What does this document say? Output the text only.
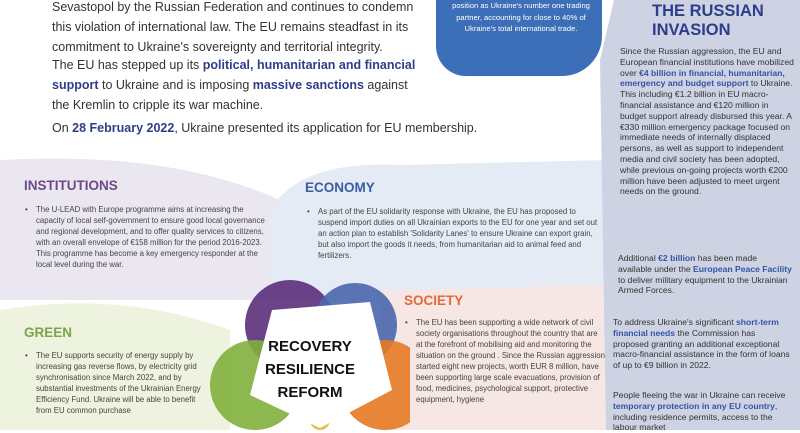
Sevastopol by the Russian Federation and continues to condemn
this violation of international law. The EU remains steadfast in its
commitment to Ukraine's sovereignty and territorial integrity.
The EU has stepped up its political, humanitarian and financial support to Ukraine and is imposing massive sanctions against the Kremlin to cripple its war machine.
On 28 February 2022, Ukraine presented its application for EU membership.
position as Ukraine's number one trading partner, accounting for close to 40% of Ukraine's total international trade.
THE RUSSIAN INVASION
Since the Russian aggression, the EU and European financial institutions have mobilized over €4 billion in financial, humanitarian, emergency and budget support to Ukraine. This including €1.2 billion in EU macro-financial assistance and €120 million in budget support already disbursed this year. A €330 million emergency package focused on immediate needs of internally displaced persons, as well as support to independent media and civil society has been adopted, while previous on-going projects worth €200 million have been adjusted to meet urgent needs on the ground.
Additional €2 billion has been made available under the European Peace Facility to deliver military equipment to the Ukrainian Armed Forces.
To address Ukraine's significant short-term financial needs the Commission has proposed granting an additional exceptional macro-financial assistance in the form of loans of up to €9 billion in 2022.
People fleeing the war in Ukraine can receive temporary protection in any EU country, including residence permits, access to the labour market
INSTITUTIONS
• The U-LEAD with Europe programme aims at increasing the capacity of local self-government to ensure good local governance and regional development, and to offer quality services to citizens, with an overall envelope of €158 million for the period 2016-2023. This programme has become a key emergency responder at the local level during the war.
ECONOMY
• As part of the EU solidarity response with Ukraine, the EU has proposed to suspend import duties on all Ukrainian exports to the EU for one year and set out an action plan to establish 'Solidarity Lanes' to ensure Ukraine can export grain, but also import the goods it needs, from humanitarian aid to animal feed and fertilizers.
GREEN
• The EU supports security of energy supply by increasing gas reverse flows, by electricity grid synchronisation since March 2022, and by substantial investments of the Ukrainian Energy Efficiency Fund. Ukraine will be able to benefit from EU common purchase
SOCIETY
• The EU has been supporting a wide network of civil society organisations throughout the country that are at the forefront of mobilising aid and monitoring the situation on the ground . Since the Russian aggression started eight new projects, worth EUR 8 million, have been supporting large scale evacuations, provision of food, medicines, psychological support, protective equipment, hygiene
RECOVERY
RESILIENCE
REFORM
